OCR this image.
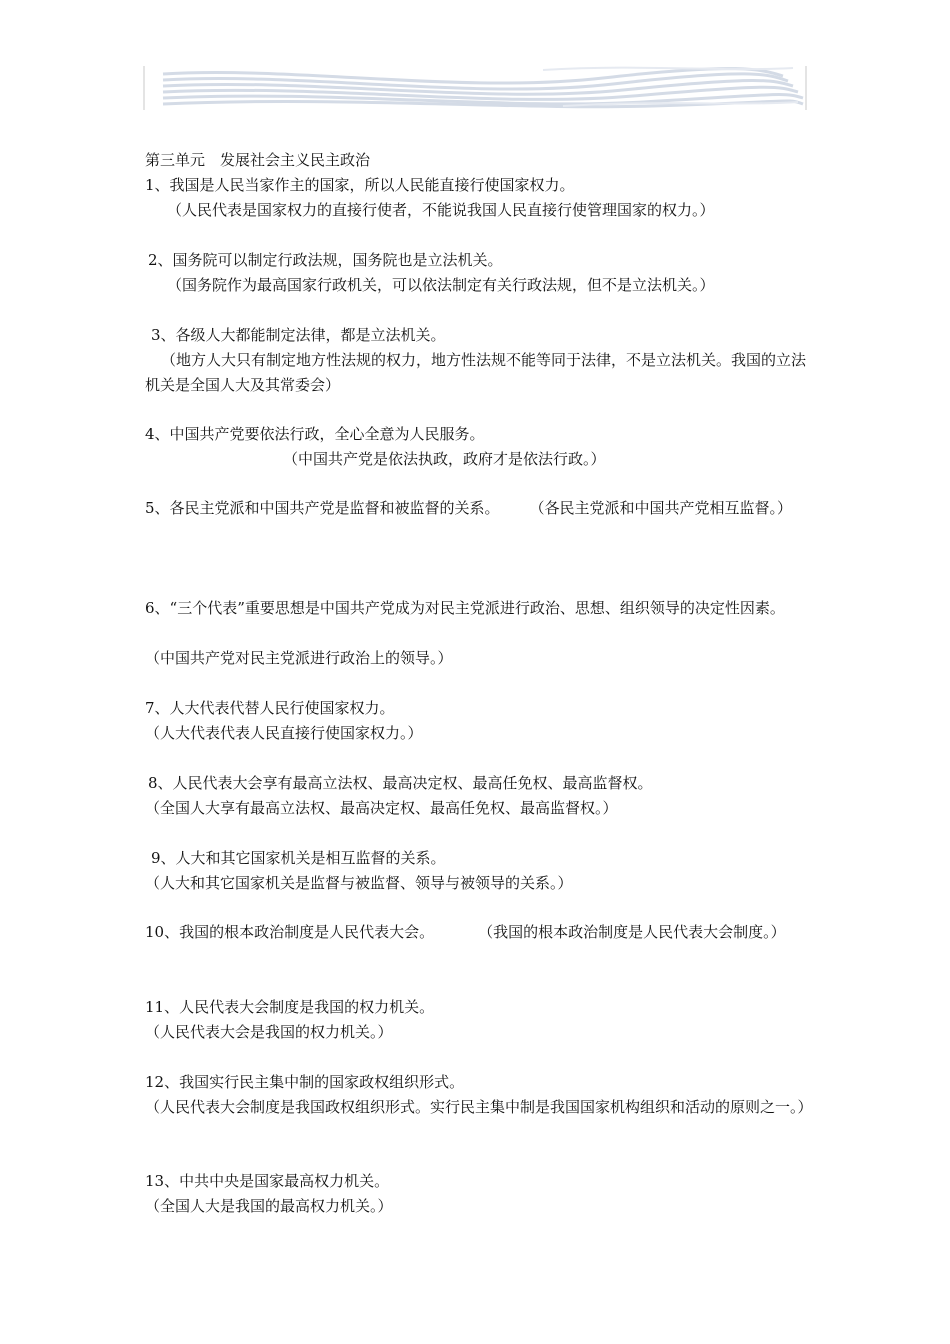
第三单元　发展社会主义民主政治
1、我国是人民当家作主的国家，所以人民能直接行使国家权力。
（人民代表是国家权力的直接行使者，不能说我国人民直接行使管理国家的权力。）
2、国务院可以制定行政法规，国务院也是立法机关。
（国务院作为最高国家行政机关，可以依法制定有关行政法规，但不是立法机关。）
3、各级人大都能制定法律，都是立法机关。
（地方人大只有制定地方性法规的权力，地方性法规不能等同于法律，不是立法机关。我国的立法机关是全国人大及其常委会）
4、中国共产党要依法行政，全心全意为人民服务。
（中国共产党是依法执政，政府才是依法行政。）
5、各民主党派和中国共产党是监督和被监督的关系。 （各民主党派和中国共产党相互监督。）
6、“三个代表”重要思想是中国共产党成为对民主党派进行政治、思想、组织领导的决定性因素。
（中国共产党对民主党派进行政治上的领导。）
7、人大代表代替人民行使国家权力。
（人大代表代表人民直接行使国家权力。）
8、人民代表大会享有最高立法权、最高决定权、最高任免权、最高监督权。
（全国人大享有最高立法权、最高决定权、最高任免权、最高监督权。）
9、人大和其它国家机关是相互监督的关系。
（人大和其它国家机关是监督与被监督、领导与被领导的关系。）
10、我国的根本政治制度是人民代表大会。	（我国的根本政治制度是人民代表大会制度。）
11、人民代表大会制度是我国的权力机关。
（人民代表大会是我国的权力机关。）
12、我国实行民主集中制的国家政权组织形式。
（人民代表大会制度是我国政权组织形式。实行民主集中制是我国国家机构组织和活动的原则之一。）
13、中共中央是国家最高权力机关。
（全国人大是我国的最高权力机关。）
